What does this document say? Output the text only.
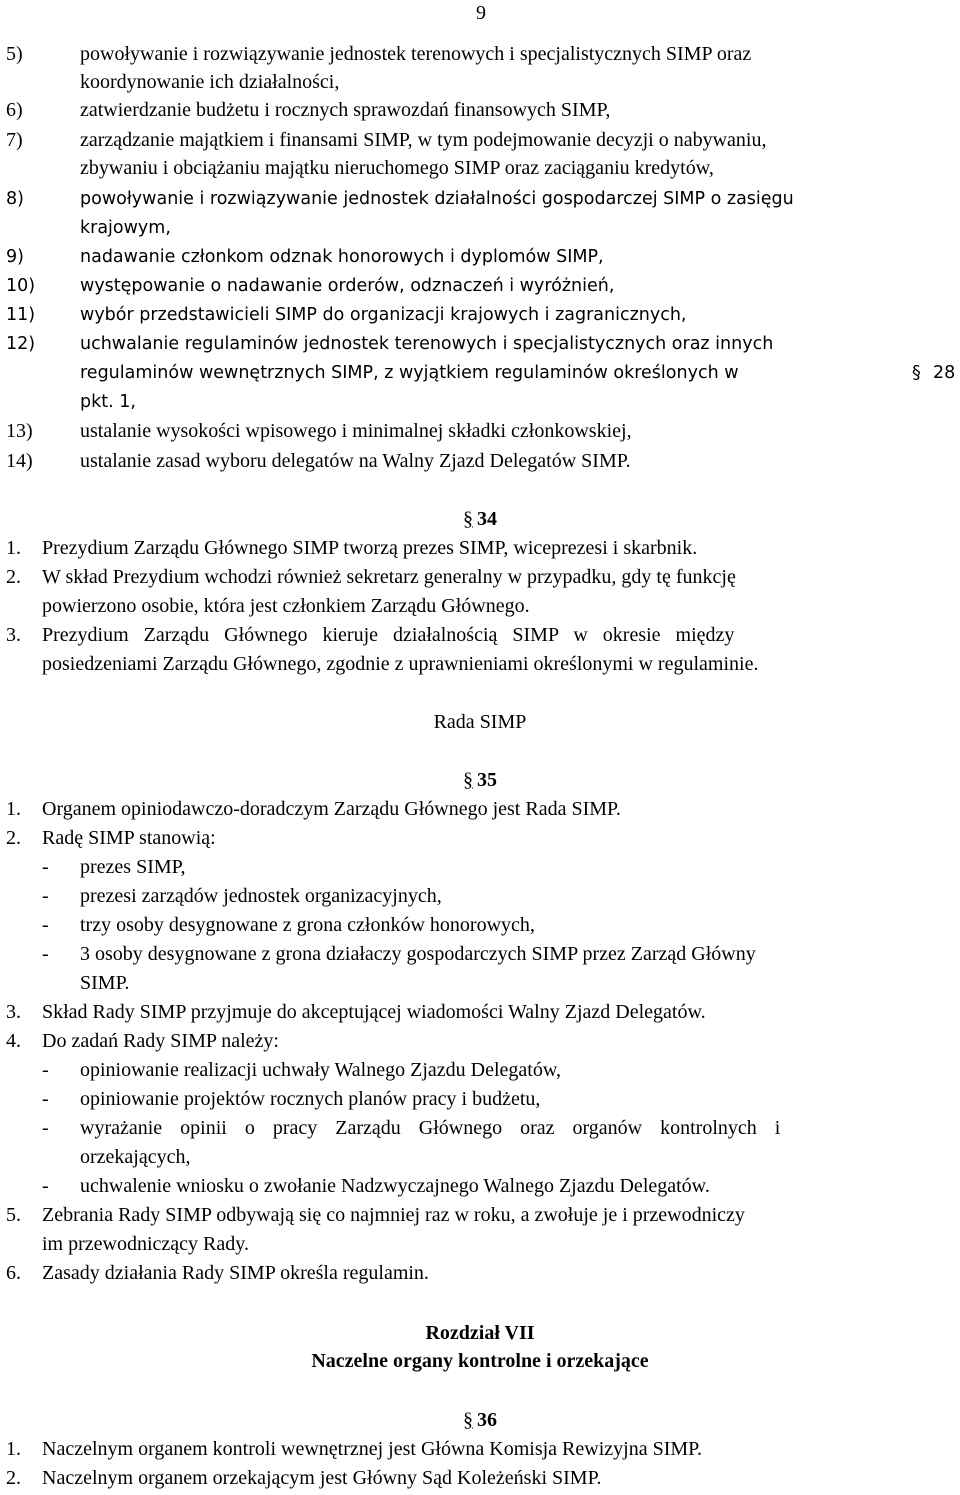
9
5)	powoływanie i rozwiązywanie jednostek terenowych i specjalistycznych SIMP oraz
koordynowanie ich działalności,
6)	zatwierdzanie budżetu i rocznych sprawozdań finansowych SIMP,
7)	zarządzanie majątkiem i finansami SIMP, w tym podejmowanie decyzji o nabywaniu,
zbywaniu i obciążaniu majątku nieruchomego SIMP oraz zaciąganiu kredytów,
8)	powoływanie i rozwiązywanie jednostek działalności gospodarczej SIMP o zasięgu
krajowym,
9)	nadawanie członkom odznak honorowych i dyplomów SIMP,
10)	występowanie o nadawanie orderów, odznaczeń i wyróżnień,
11)	wybór przedstawicieli SIMP do organizacji krajowych i zagranicznych,
12)	uchwalanie regulaminów jednostek terenowych i specjalistycznych oraz innych
regulaminów wewnętrznych SIMP, z wyjątkiem regulaminów określonych w	§ 28
pkt. 1,
13) ustalanie wysokości wpisowego i minimalnej składki członkowskiej,
14) ustalanie zasad wyboru delegatów na Walny Zjazd Delegatów SIMP.
§ 34
1. Prezydium Zarządu Głównego SIMP tworzą prezes SIMP, wiceprezesi i skarbnik.
2. W skład Prezydium wchodzi również sekretarz generalny w przypadku, gdy tę funkcję
powierzono osobie, która jest członkiem Zarządu Głównego.
3. Prezydium Zarządu Głównego kieruje działalnością SIMP w okresie między
posiedzeniami Zarządu Głównego, zgodnie z uprawnieniami określonymi w regulaminie.
Rada SIMP
§ 35
1. Organem opiniodawczo-doradczym Zarządu Głównego jest Rada SIMP.
2. Radę SIMP stanowią:
- prezes SIMP,
- prezesi zarządów jednostek organizacyjnych,
- trzy osoby desygnowane z grona członków honorowych,
- 3 osoby desygnowane z grona działaczy gospodarczych SIMP przez Zarząd Główny
SIMP.
3. Skład Rady SIMP przyjmuje do akceptującej wiadomości Walny Zjazd Delegatów.
4. Do zadań Rady SIMP należy:
- opiniowanie realizacji uchwały Walnego Zjazdu Delegatów,
- opiniowanie projektów rocznych planów pracy i budżetu,
- wyrażanie opinii o pracy Zarządu Głównego oraz organów kontrolnych i
orzekających,
- uchwalenie wniosku o zwołanie Nadzwyczajnego Walnego Zjazdu Delegatów.
5. Zebrania Rady SIMP odbywają się co najmniej raz w roku, a zwołuje je i przewodniczy
im przewodniczący Rady.
6. Zasady działania Rady SIMP określa regulamin.
Rozdział VII
Naczelne organy kontrolne i orzekające
§ 36
1. Naczelnym organem kontroli wewnętrznej jest Główna Komisja Rewizyjna SIMP.
2. Naczelnym organem orzekającym jest Główny Sąd Koleżeński SIMP.
